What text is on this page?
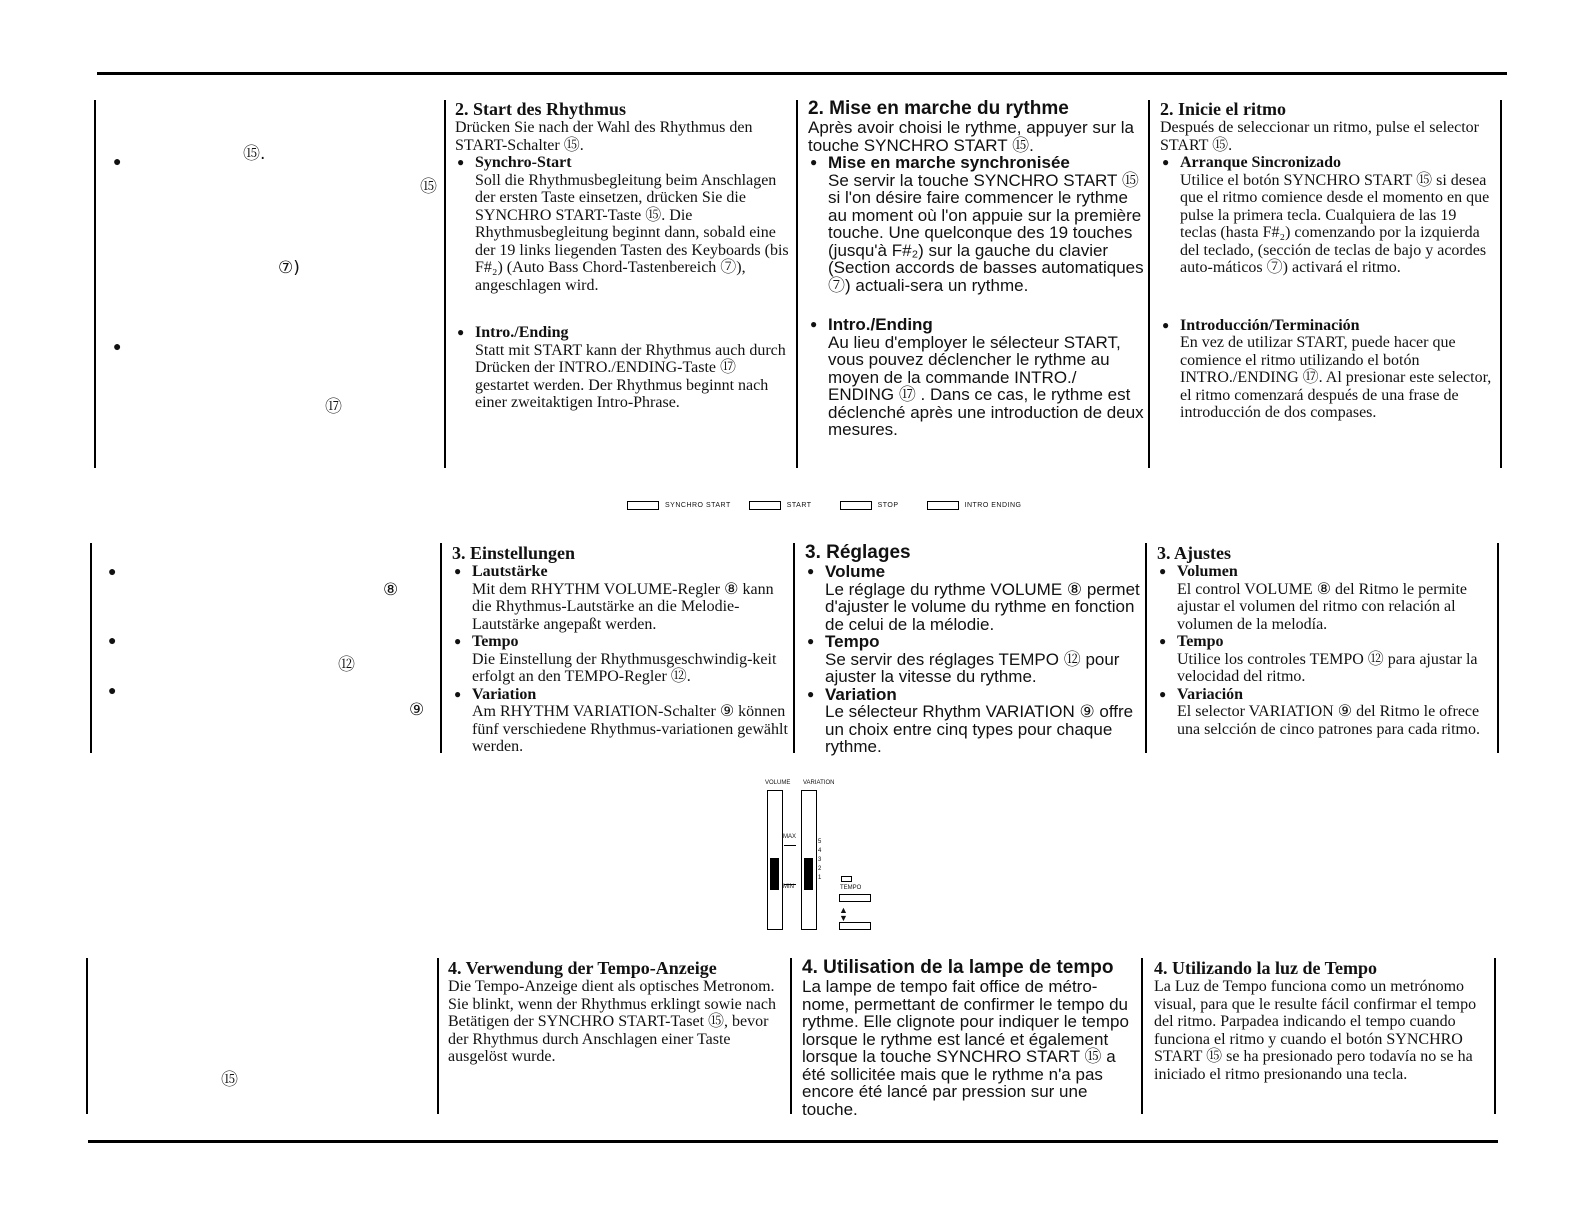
●	⑮.
⑮
⑦)
●
⑰
2. Start des Rhythmus
Drücken Sie nach der Wahl des Rhythmus den START-Schalter ⑮.
● Synchro-Start
Soll die Rhythmusbegleitung beim Anschlagen der ersten Taste einsetzen, drücken Sie die SYNCHRO START-Taste ⑮. Die Rhythmusbegleitung beginnt dann, sobald eine der 19 links liegenden Tasten des Keyboards (bis F#₂) (Auto Bass Chord-Tastenbereich ⑦), angeschlagen wird.
● Intro./Ending
Statt mit START kann der Rhythmus auch durch Drücken der INTRO./ENDING-Taste ⑰ gestartet werden. Der Rhythmus beginnt nach einer zweitaktigen Intro-Phrase.
2. Mise en marche du rythme
Après avoir choisi le rythme, appuyer sur la touche SYNCHRO START ⑮.
● Mise en marche synchronisée
Se servir la touche SYNCHRO START ⑮ si l'on désire faire commencer le rythme au moment où l'on appuie sur la première touche. Une quelconque des 19 touches (jusqu'à F#₂) sur la gauche du clavier (Section accords de basses automatiques ⑦) actuali-sera un rythme.
● Intro./Ending
Au lieu d'employer le sélecteur START, vous pouvez déclencher le rythme au moyen de la commande INTRO./ ENDING ⑰ . Dans ce cas, le rythme est déclenché après une introduction de deux mesures.
2. Inicie el ritmo
Después de seleccionar un ritmo, pulse el selector START ⑮.
● Arranque Sincronizado
Utilice el botón SYNCHRO START ⑮ si desea que el ritmo comience desde el momento en que pulse la primera tecla. Cualquiera de las 19 teclas (hasta F#₂) comenzando por la izquierda del teclado, (sección de teclas de bajo y acordes auto-máticos ⑦) activará el ritmo.
● Introducción/Terminación
En vez de utilizar START, puede hacer que comience el ritmo utilizando el botón INTRO./ENDING ⑰. Al presionar este selector, el ritmo comenzará después de una frase de introducción de dos compases.
SYNCHRO START	START	STOP	INTRO ENDING
●
⑧
●
⑫
●
⑨
3. Einstellungen
● Lautstärke
Mit dem RHYTHM VOLUME-Regler ⑧ kann die Rhythmus-Lautstärke an die Melodie-Lautstärke angepaßt werden.
● Tempo
Die Einstellung der Rhythmusgeschwindig-keit erfolgt an den TEMPO-Regler ⑫.
● Variation
Am RHYTHM VARIATION-Schalter ⑨ können fünf verschiedene Rhythmus-variationen gewählt werden.
3. Réglages
● Volume
Le réglage du rythme VOLUME ⑧ permet d'ajuster le volume du rythme en fonction de celui de la mélodie.
● Tempo
Se servir des réglages TEMPO ⑫ pour ajuster la vitesse du rythme.
● Variation
Le sélecteur Rhythm VARIATION ⑨ offre un choix entre cinq types pour chaque rythme.
3. Ajustes
● Volumen
El control VOLUME ⑧ del Ritmo le permite ajustar el volumen del ritmo con relación al volumen de la melodía.
● Tempo
Utilice los controles TEMPO ⑫ para ajustar la velocidad del ritmo.
● Variación
El selector VARIATION ⑨ del Ritmo le ofrece una selcción de cinco patrones para cada ritmo.
VOLUME VARIATION
MAX
MIN
5
4
3
2
1
TEMPO
▲
▼
⑮
4. Verwendung der Tempo-Anzeige
Die Tempo-Anzeige dient als optisches Metronom. Sie blinkt, wenn der Rhythmus erklingt sowie nach Betätigen der SYNCHRO START-Taset ⑮, bevor der Rhythmus durch Anschlagen einer Taste ausgelöst wurde.
4. Utilisation de la lampe de tempo
La lampe de tempo fait office de métro-nome, permettant de confirmer le tempo du rythme. Elle clignote pour indiquer le tempo lorsque le rythme est lancé et également lorsque la touche SYNCHRO START ⑮ a été sollicitée mais que le rythme n'a pas encore été lancé par pression sur une touche.
4. Utilizando la luz de Tempo
La Luz de Tempo funciona como un metrónomo visual, para que le resulte fácil confirmar el tempo del ritmo. Parpadea indicando el tempo cuando funciona el ritmo y cuando el botón SYNCHRO START ⑮ se ha presionado pero todavía no se ha iniciado el ritmo presionando una tecla.
